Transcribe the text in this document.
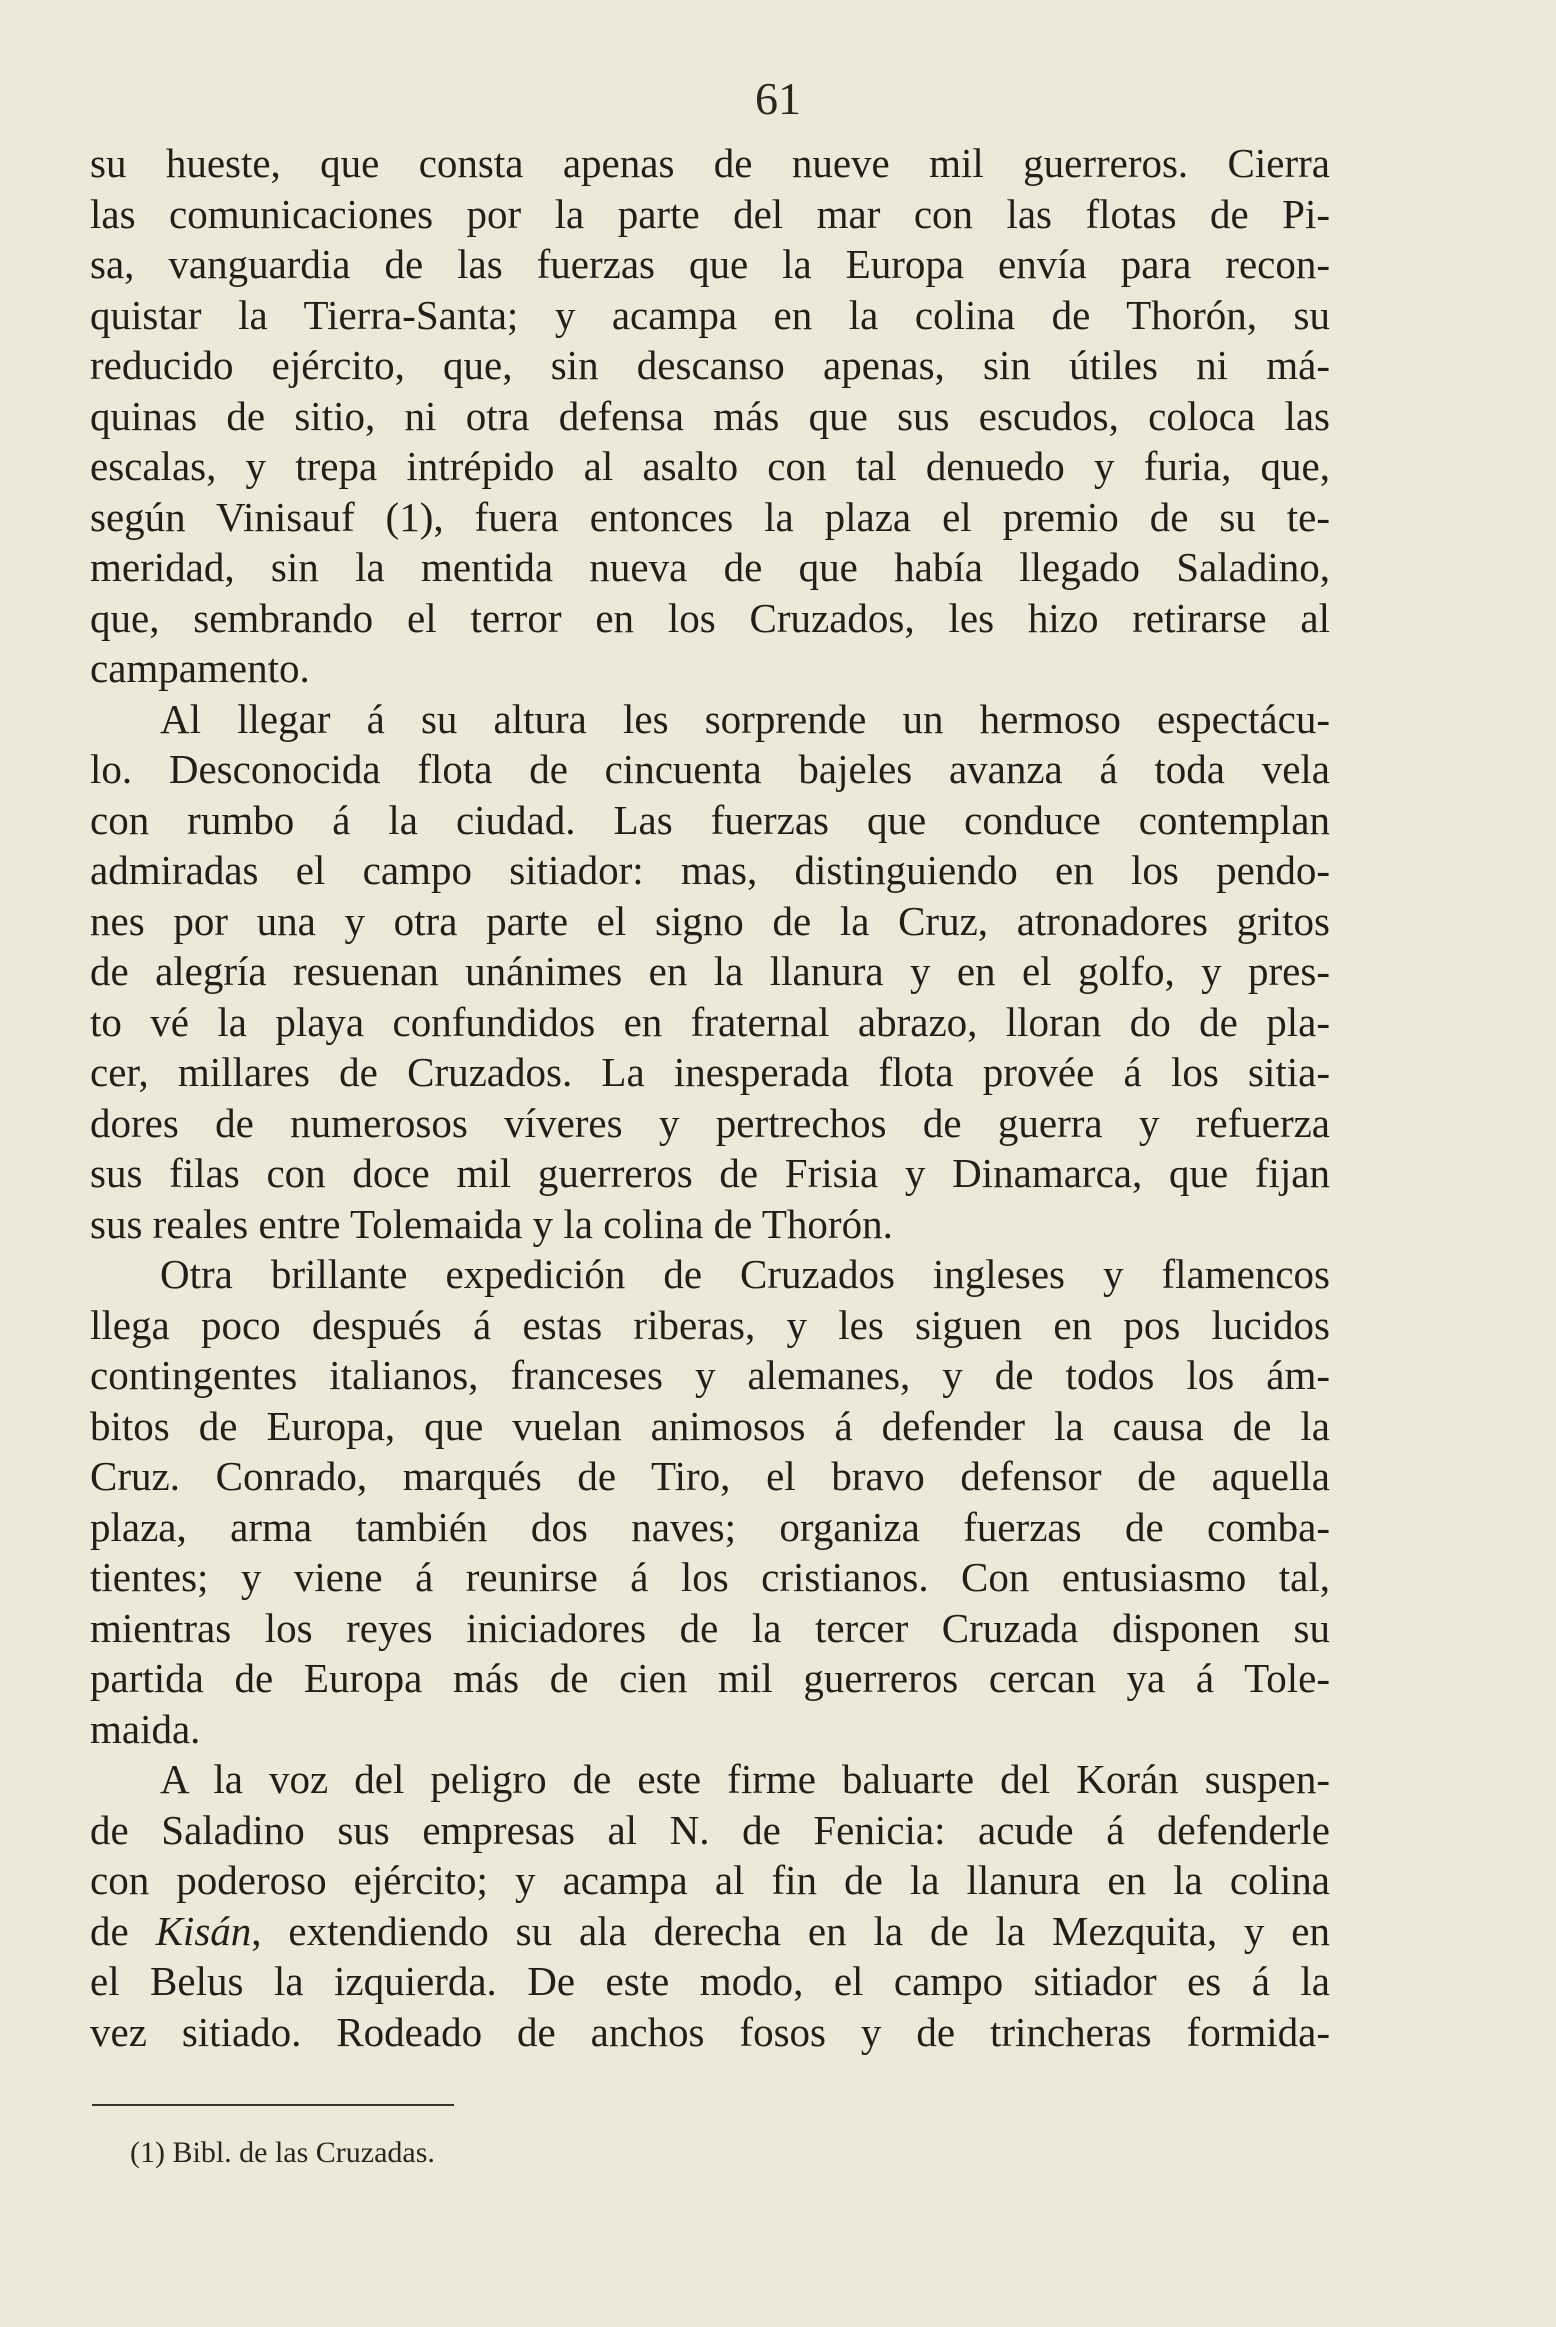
61
su hueste, que consta apenas de nueve mil guerreros. Cierra
las comunicaciones por la parte del mar con las flotas de Pi-
sa, vanguardia de las fuerzas que la Europa envía para recon-
quistar la Tierra-Santa; y acampa en la colina de Thorón, su
reducido ejército, que, sin descanso apenas, sin útiles ni má-
quinas de sitio, ni otra defensa más que sus escudos, coloca las
escalas, y trepa intrépido al asalto con tal denuedo y furia, que,
según Vinisauf (1), fuera entonces la plaza el premio de su te-
meridad, sin la mentida nueva de que había llegado Saladino,
que, sembrando el terror en los Cruzados, les hizo retirarse al
campamento.
Al llegar á su altura les sorprende un hermoso espectácu-
lo. Desconocida flota de cincuenta bajeles avanza á toda vela
con rumbo á la ciudad. Las fuerzas que conduce contemplan
admiradas el campo sitiador: mas, distinguiendo en los pendo-
nes por una y otra parte el signo de la Cruz, atronadores gritos
de alegría resuenan unánimes en la llanura y en el golfo, y pres-
to vé la playa confundidos en fraternal abrazo, lloran do de pla-
cer, millares de Cruzados. La inesperada flota provée á los sitia-
dores de numerosos víveres y pertrechos de guerra y refuerza
sus filas con doce mil guerreros de Frisia y Dinamarca, que fijan
sus reales entre Tolemaida y la colina de Thorón.
Otra brillante expedición de Cruzados ingleses y flamencos
llega poco después á estas riberas, y les siguen en pos lucidos
contingentes italianos, franceses y alemanes, y de todos los ám-
bitos de Europa, que vuelan animosos á defender la causa de la
Cruz. Conrado, marqués de Tiro, el bravo defensor de aquella
plaza, arma también dos naves; organiza fuerzas de comba-
tientes; y viene á reunirse á los cristianos. Con entusiasmo tal,
mientras los reyes iniciadores de la tercer Cruzada disponen su
partida de Europa más de cien mil guerreros cercan ya á Tole-
maida.
A la voz del peligro de este firme baluarte del Korán suspen-
de Saladino sus empresas al N. de Fenicia: acude á defenderle
con poderoso ejército; y acampa al fin de la llanura en la colina
de Kisán, extendiendo su ala derecha en la de la Mezquita, y en
el Belus la izquierda. De este modo, el campo sitiador es á la
vez sitiado. Rodeado de anchos fosos y de trincheras formida-
(1) Bibl. de las Cruzadas.
